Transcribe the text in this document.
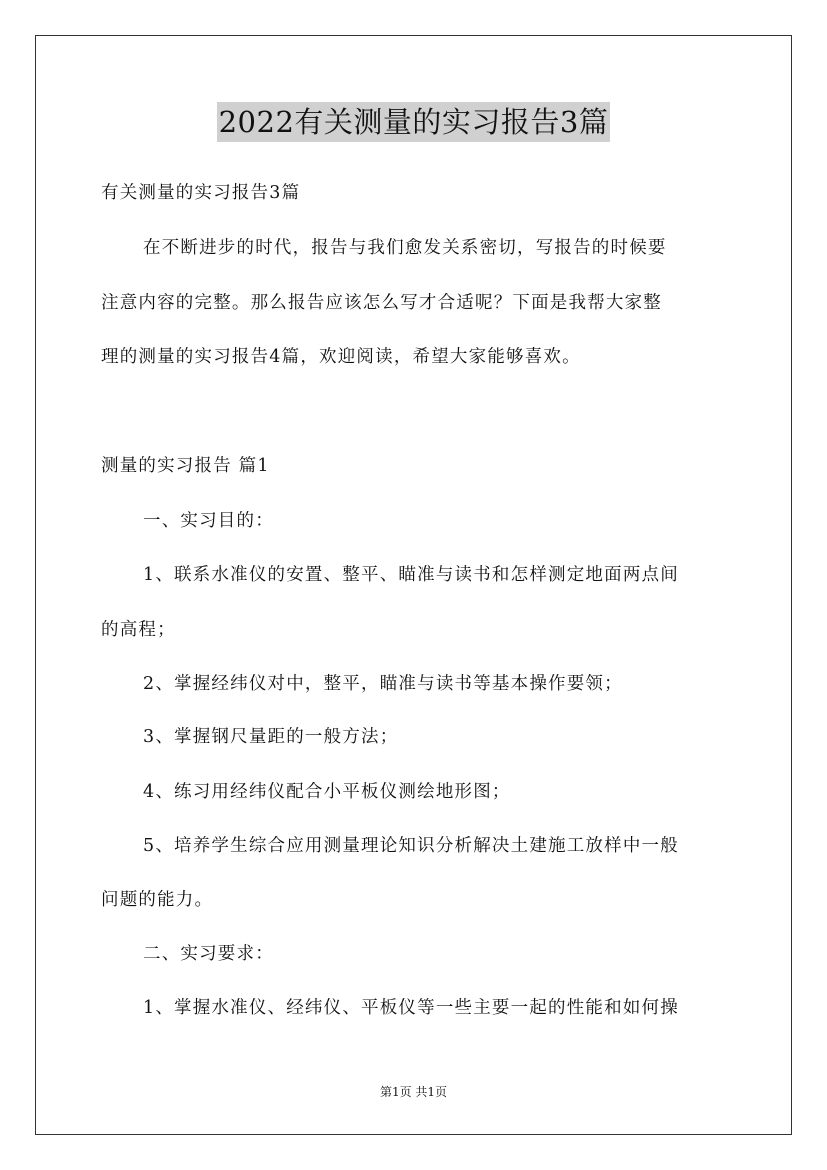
2022有关测量的实习报告3篇
有关测量的实习报告3篇
在不断进步的时代，报告与我们愈发关系密切，写报告的时候要
注意内容的完整。那么报告应该怎么写才合适呢？下面是我帮大家整
理的测量的实习报告4篇，欢迎阅读，希望大家能够喜欢。
测量的实习报告 篇1
一、实习目的：
1、联系水准仪的安置、整平、瞄准与读书和怎样测定地面两点间
的高程；
2、掌握经纬仪对中，整平，瞄准与读书等基本操作要领；
3、掌握钢尺量距的一般方法；
4、练习用经纬仪配合小平板仪测绘地形图；
5、培养学生综合应用测量理论知识分析解决土建施工放样中一般
问题的能力。
二、实习要求：
1、掌握水准仪、经纬仪、平板仪等一些主要一起的性能和如何操
第1页 共1页
